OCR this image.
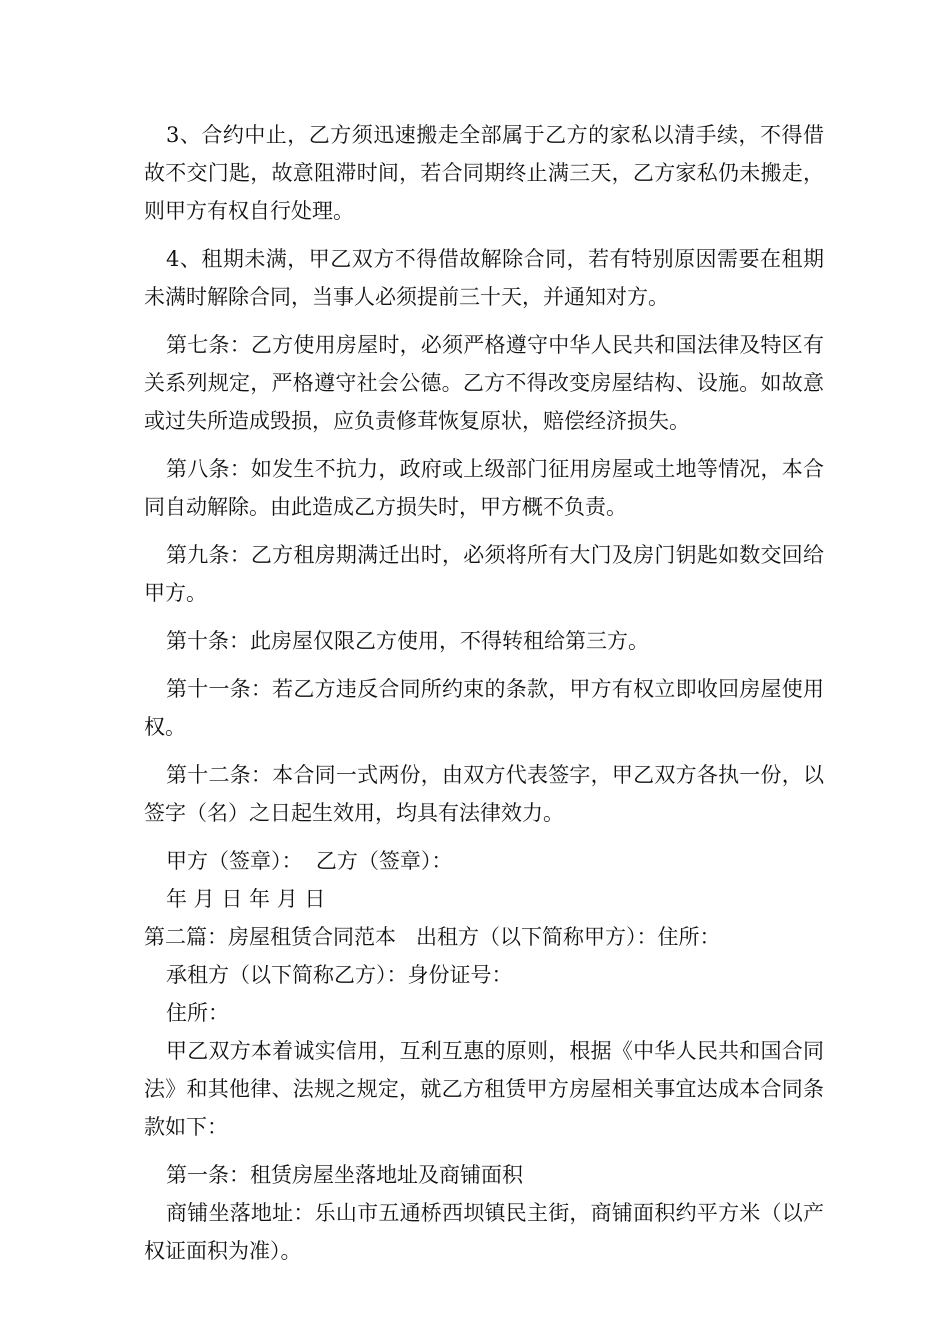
3、合约中止，乙方须迅速搬走全部属于乙方的家私以清手续，不得借故不交门匙，故意阻滞时间，若合同期终止满三天，乙方家私仍未搬走，则甲方有权自行处理。

4、租期未满，甲乙双方不得借故解除合同，若有特别原因需要在租期未满时解除合同，当事人必须提前三十天，并通知对方。

第七条：乙方使用房屋时，必须严格遵守中华人民共和国法律及特区有关系列规定，严格遵守社会公德。乙方不得改变房屋结构、设施。如故意或过失所造成毁损，应负责修茸恢复原状，赔偿经济损失。

第八条：如发生不抗力，政府或上级部门征用房屋或土地等情况，本合同自动解除。由此造成乙方损失时，甲方概不负责。

第九条：乙方租房期满迁出时，必须将所有大门及房门钥匙如数交回给甲方。

第十条：此房屋仅限乙方使用，不得转租给第三方。

第十一条：若乙方违反合同所约束的条款，甲方有权立即收回房屋使用权。

第十二条：本合同一式两份，由双方代表签字，甲乙双方各执一份，以签字（名）之日起生效用，均具有法律效力。

甲方（签章）：  乙方（签章）：

年 月 日 年 月 日

第二篇：房屋租赁合同范本   出租方（以下简称甲方）：住所：

承租方（以下简称乙方）：身份证号：

住所：

甲乙双方本着诚实信用，互利互惠的原则，根据《中华人民共和国合同法》和其他律、法规之规定，就乙方租赁甲方房屋相关事宜达成本合同条款如下：

第一条：租赁房屋坐落地址及商铺面积

商铺坐落地址：乐山市五通桥西坝镇民主街，商铺面积约平方米（以产权证面积为准）。
